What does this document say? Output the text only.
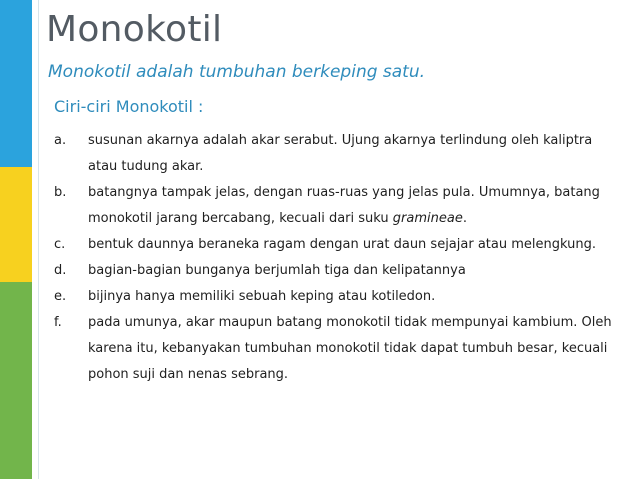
Monokotil

Monokotil adalah tumbuhan berkeping satu.

Ciri-ciri Monokotil :

a.	susunan akarnya adalah akar serabut. Ujung akarnya terlindung oleh kaliptra atau tudung akar.
b.	batangnya tampak jelas, dengan ruas-ruas yang jelas pula. Umumnya, batang monokotil jarang bercabang, kecuali dari suku gramineae.
c.	bentuk daunnya beraneka ragam dengan urat daun sejajar atau melengkung.
d.	bagian-bagian bunganya berjumlah tiga dan kelipatannya
e.	bijinya hanya memiliki sebuah keping atau kotiledon.
f.	pada umunya, akar maupun batang monokotil tidak mempunyai kambium. Oleh karena itu, kebanyakan tumbuhan monokotil tidak dapat tumbuh besar, kecuali pohon suji dan nenas sebrang.
